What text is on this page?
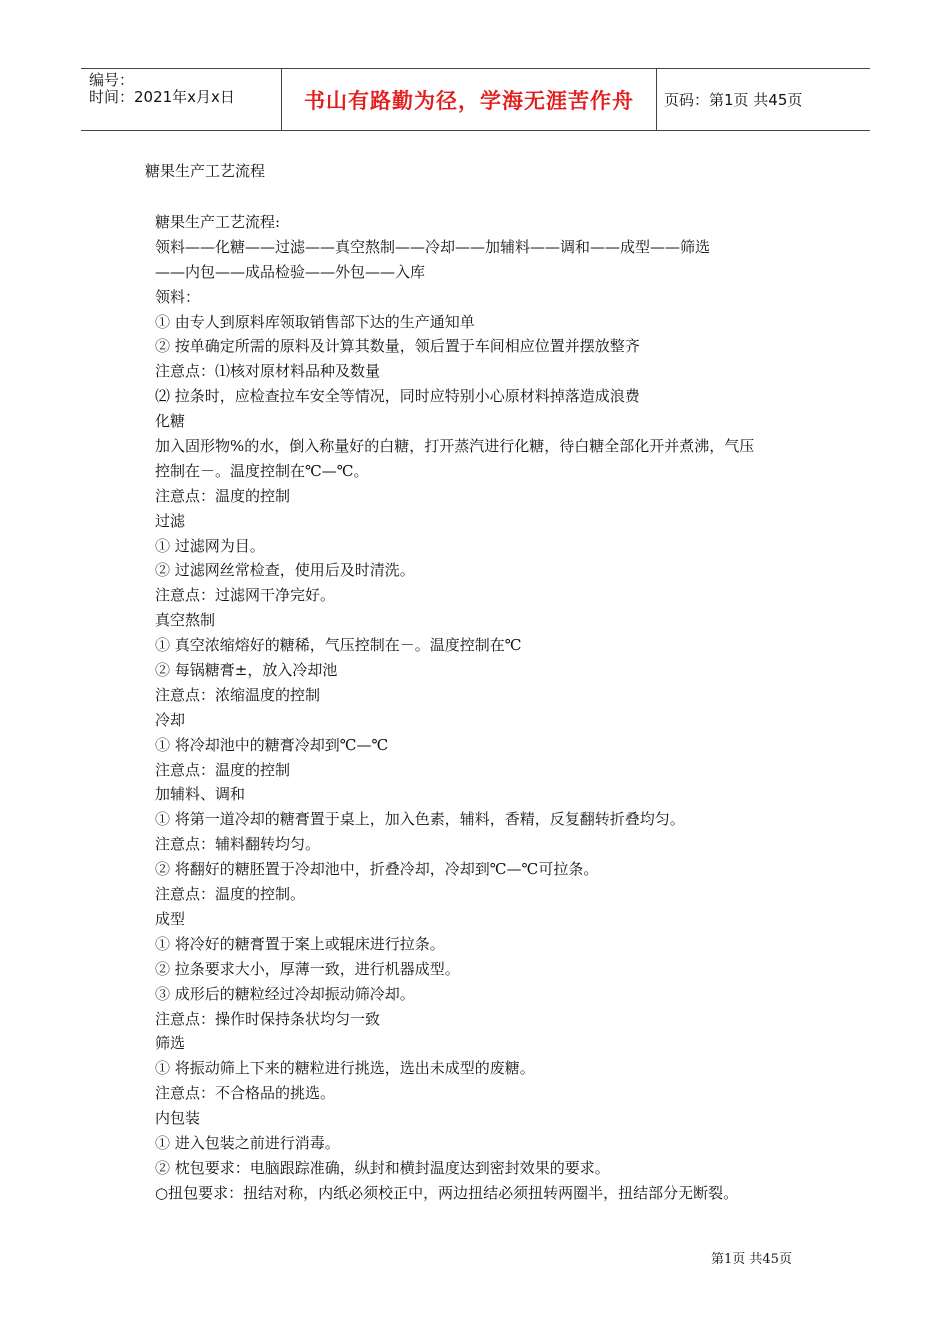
编号：
时间：2021年x月x日	书山有路勤为径，学海无涯苦作舟 页码：第1页 共45页
糖果生产工艺流程
糖果生产工艺流程:
领料——化糖——过滤——真空熬制——冷却——加辅料——调和——成型——筛选
——内包——成品检验——外包——入库
领料：
① 由专人到原料库领取销售部下达的生产通知单
② 按单确定所需的原料及计算其数量，领后置于车间相应位置并摆放整齐
注意点：⑴核对原材料品种及数量
⑵ 拉条时，应检查拉车安全等情况，同时应特别小心原材料掉落造成浪费
化糖
加入固形物%的水，倒入称量好的白糖，打开蒸汽进行化糖，待白糖全部化开并煮沸，气压
控制在－。温度控制在℃—℃。
注意点：温度的控制
过滤
① 过滤网为目。
② 过滤网丝常检查，使用后及时清洗。
注意点：过滤网干净完好。
真空熬制
① 真空浓缩熔好的糖稀，气压控制在－。温度控制在℃
② 每锅糖膏±，放入冷却池
注意点：浓缩温度的控制
冷却
① 将冷却池中的糖膏冷却到℃—℃
注意点：温度的控制
加辅料、调和
① 将第一道冷却的糖膏置于桌上，加入色素，辅料，香精，反复翻转折叠均匀。
注意点：辅料翻转均匀。
② 将翻好的糖胚置于冷却池中，折叠冷却，冷却到℃—℃可拉条。
注意点：温度的控制。
成型
① 将冷好的糖膏置于案上或辊床进行拉条。
② 拉条要求大小，厚薄一致，进行机器成型。
③ 成形后的糖粒经过冷却振动筛冷却。
注意点：操作时保持条状均匀一致
筛选
① 将振动筛上下来的糖粒进行挑选，选出未成型的废糖。
注意点：不合格品的挑选。
内包装
① 进入包装之前进行消毒。
② 枕包要求：电脑跟踪准确，纵封和横封温度达到密封效果的要求。
○扭包要求：扭结对称，内纸必须校正中，两边扭结必须扭转两圈半，扭结部分无断裂。
第1页 共45页
